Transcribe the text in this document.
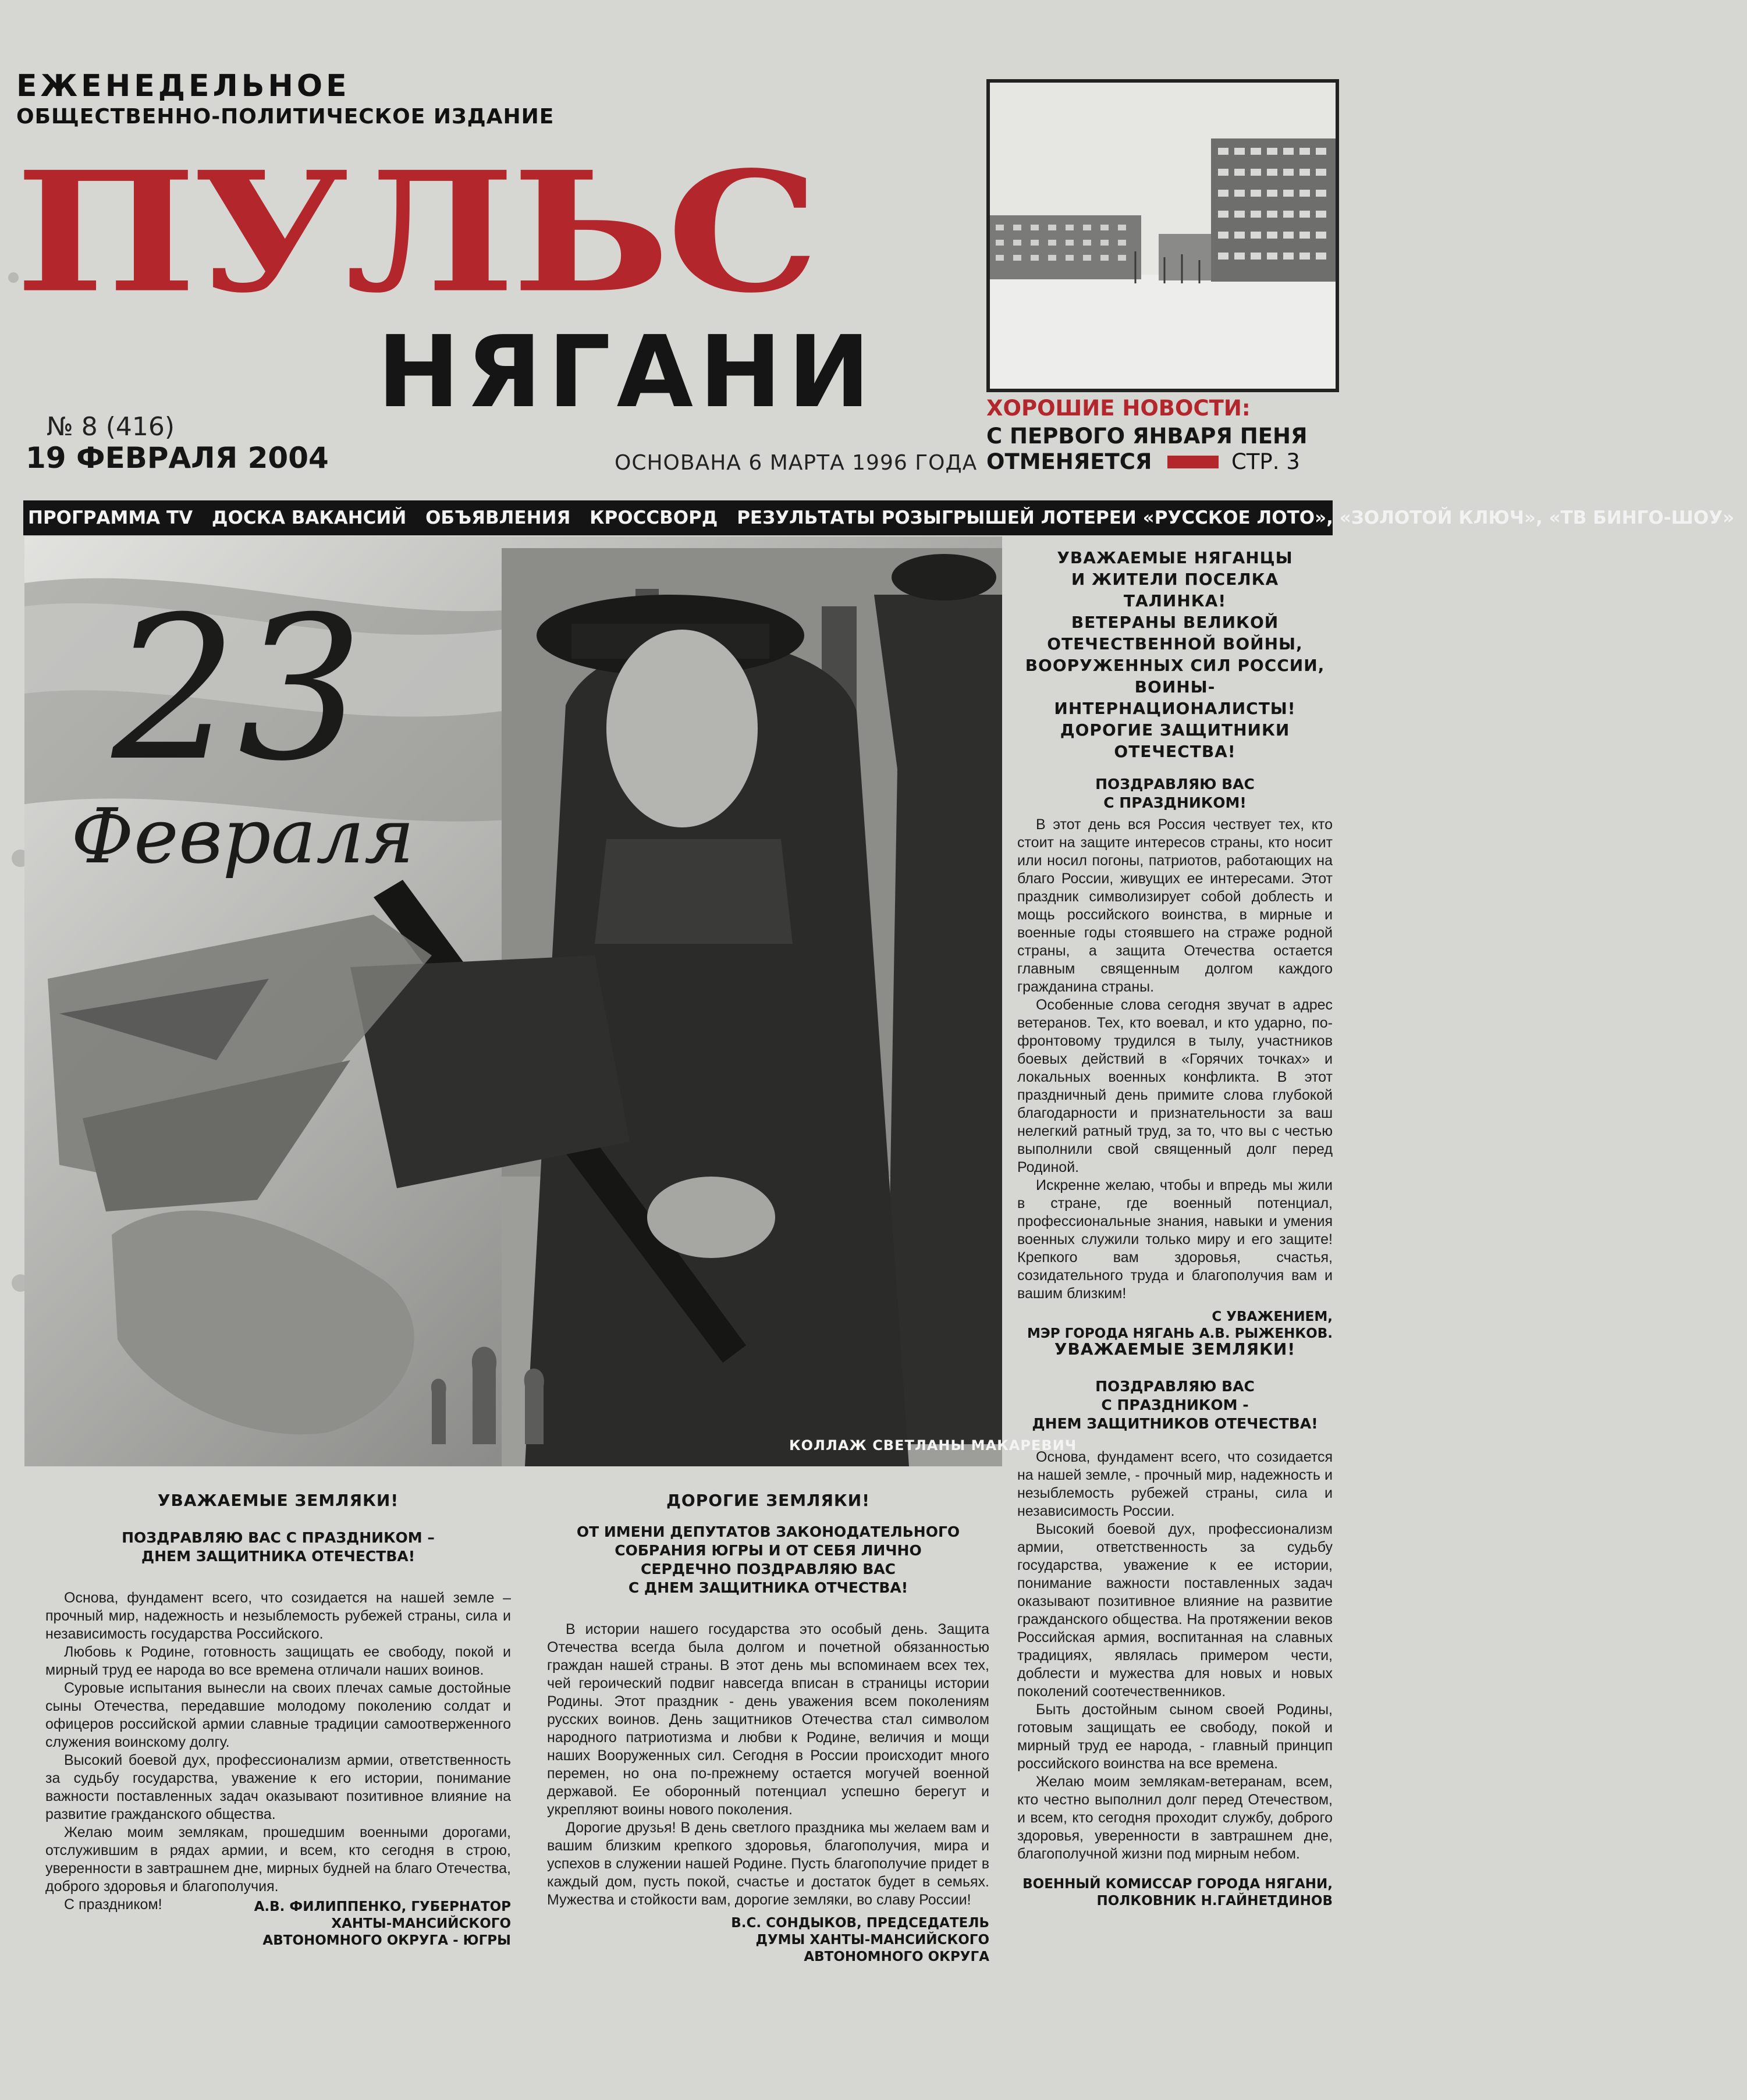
ЕЖЕНЕДЕЛЬНОЕ
ОБЩЕСТВЕННО-ПОЛИТИЧЕСКОЕ ИЗДАНИЕ
ПУЛЬС
НЯГАНИ
№ 8 (416)
19 ФЕВРАЛЯ 2004	ОСНОВАНА 6 МАРТА 1996 ГОДА
ХОРОШИЕ НОВОСТИ:
С ПЕРВОГО ЯНВАРЯ ПЕНЯ
ОТМЕНЯЕТСЯ	СТР. 3
ПРОГРАММА TV ДОСКА ВАКАНСИЙ ОБЪЯВЛЕНИЯ КРОССВОРД РЕЗУЛЬТАТЫ РОЗЫГРЫШЕЙ ЛОТЕРЕИ «РУССКОЕ ЛОТО», «ЗОЛОТОЙ КЛЮЧ», «ТВ БИНГО-ШОУ»
23
Февраля
КОЛЛАЖ СВЕТЛАНЫ МАКАРЕВИЧ
УВАЖАЕМЫЕ НЯГАНЦЫ
И ЖИТЕЛИ ПОСЕЛКА ТАЛИНКА!
ВЕТЕРАНЫ ВЕЛИКОЙ
ОТЕЧЕСТВЕННОЙ ВОЙНЫ,
ВООРУЖЕННЫХ СИЛ РОССИИ,
ВОИНЫ-ИНТЕРНАЦИОНАЛИСТЫ!
ДОРОГИЕ ЗАЩИТНИКИ ОТЕЧЕСТВА!
ПОЗДРАВЛЯЮ ВАС
С ПРАЗДНИКОМ!

В этот день вся Россия чествует тех, кто стоит на защите интересов страны, кто носит или носил погоны, патриотов, работающих на благо России, живущих ее интересами. Этот праздник символизирует собой доблесть и мощь российского воинства, в мирные и военные годы стоявшего на страже родной страны, а защита Отечества остается главным священным долгом каждого гражданина страны.

Особенные слова сегодня звучат в адрес ветеранов. Тех, кто воевал, и кто ударно, по-фронтовому трудился в тылу, участников боевых действий в «Горячих точках» и локальных военных конфликта. В этот праздничный день примите слова глубокой благодарности и признательности за ваш нелегкий ратный труд, за то, что вы с честью выполнили свой священный долг перед Родиной.

Искренне желаю, чтобы и впредь мы жили в стране, где военный потенциал, профессиональные знания, навыки и умения военных служили только миру и его защите! Крепкого вам здоровья, счастья, созидательного труда и благополучия вам и вашим близким!

С УВАЖЕНИЕМ,
МЭР ГОРОДА НЯГАНЬ А.В. РЫЖЕНКОВ.
УВАЖАЕМЫЕ ЗЕМЛЯКИ!
ПОЗДРАВЛЯЮ ВАС
С ПРАЗДНИКОМ -
ДНЕМ ЗАЩИТНИКОВ ОТЕЧЕСТВА!

Основа, фундамент всего, что созидается на нашей земле, - прочный мир, надежность и незыблемость рубежей страны, сила и независимость России.

Высокий боевой дух, профессионализм армии, ответственность за судьбу государства, уважение к ее истории, понимание важности поставленных задач оказывают позитивное влияние на развитие гражданского общества. На протяжении веков Российская армия, воспитанная на славных традициях, являлась примером чести, доблести и мужества для новых и новых поколений соотечественников.

Быть достойным сыном своей Родины, готовым защищать ее свободу, покой и мирный труд ее народа, - главный принцип российского воинства на все времена.

Желаю моим землякам-ветеранам, всем, кто честно выполнил долг перед Отечеством, и всем, кто сегодня проходит службу, доброго здоровья, уверенности в завтрашнем дне, благополучной жизни под мирным небом.

ВОЕННЫЙ КОМИССАР ГОРОДА НЯГАНИ,
ПОЛКОВНИК Н.ГАЙНЕТДИНОВ
УВАЖАЕМЫЕ ЗЕМЛЯКИ!
ПОЗДРАВЛЯЮ ВАС С ПРАЗДНИКОМ –
ДНЕМ ЗАЩИТНИКА ОТЕЧЕСТВА!

Основа, фундамент всего, что созидается на нашей земле – прочный мир, надежность и незыблемость рубежей страны, сила и независимость государства Российского.

Любовь к Родине, готовность защищать ее свободу, покой и мирный труд ее народа во все времена отличали наших воинов.

Суровые испытания вынесли на своих плечах самые достойные сыны Отечества, передавшие молодому поколению солдат и офицеров российской армии славные традиции самоотверженного служения воинскому долгу.

Высокий боевой дух, профессионализм армии, ответственность за судьбу государства, уважение к его истории, понимание важности поставленных задач оказывают позитивное влияние на развитие гражданского общества.

Желаю моим землякам, прошедшим военными дорогами, отслужившим в рядах армии, и всем, кто сегодня в строю, уверенности в завтрашнем дне, мирных будней на благо Отечества, доброго здоровья и благополучия.

С праздником!	А.В. ФИЛИППЕНКО, ГУБЕРНАТОР
ХАНТЫ-МАНСИЙСКОГО
АВТОНОМНОГО ОКРУГА - ЮГРЫ
ДОРОГИЕ ЗЕМЛЯКИ!
ОТ ИМЕНИ ДЕПУТАТОВ ЗАКОНОДАТЕЛЬНОГО
СОБРАНИЯ ЮГРЫ И ОТ СЕБЯ ЛИЧНО
СЕРДЕЧНО ПОЗДРАВЛЯЮ ВАС
С ДНЕМ ЗАЩИТНИКА ОТЧЕСТВА!

В истории нашего государства это особый день. Защита Отечества всегда была долгом и почетной обязанностью граждан нашей страны. В этот день мы вспоминаем всех тех, чей героический подвиг навсегда вписан в страницы истории Родины. Этот праздник - день уважения всем поколениям русских воинов. День защитников Отечества стал символом народного патриотизма и любви к Родине, величия и мощи наших Вооруженных сил. Сегодня в России происходит много перемен, но она по-прежнему остается могучей военной державой. Ее оборонный потенциал успешно берегут и укрепляют воины нового поколения.

Дорогие друзья! В день светлого праздника мы желаем вам и вашим близким крепкого здоровья, благополучия, мира и успехов в служении нашей Родине. Пусть благополучие придет в каждый дом, пусть покой, счастье и достаток будет в семьях. Мужества и стойкости вам, дорогие земляки, во славу России!

В.С. СОНДЫКОВ, ПРЕДСЕДАТЕЛЬ
ДУМЫ ХАНТЫ-МАНСИЙСКОГО
АВТОНОМНОГО ОКРУГА
